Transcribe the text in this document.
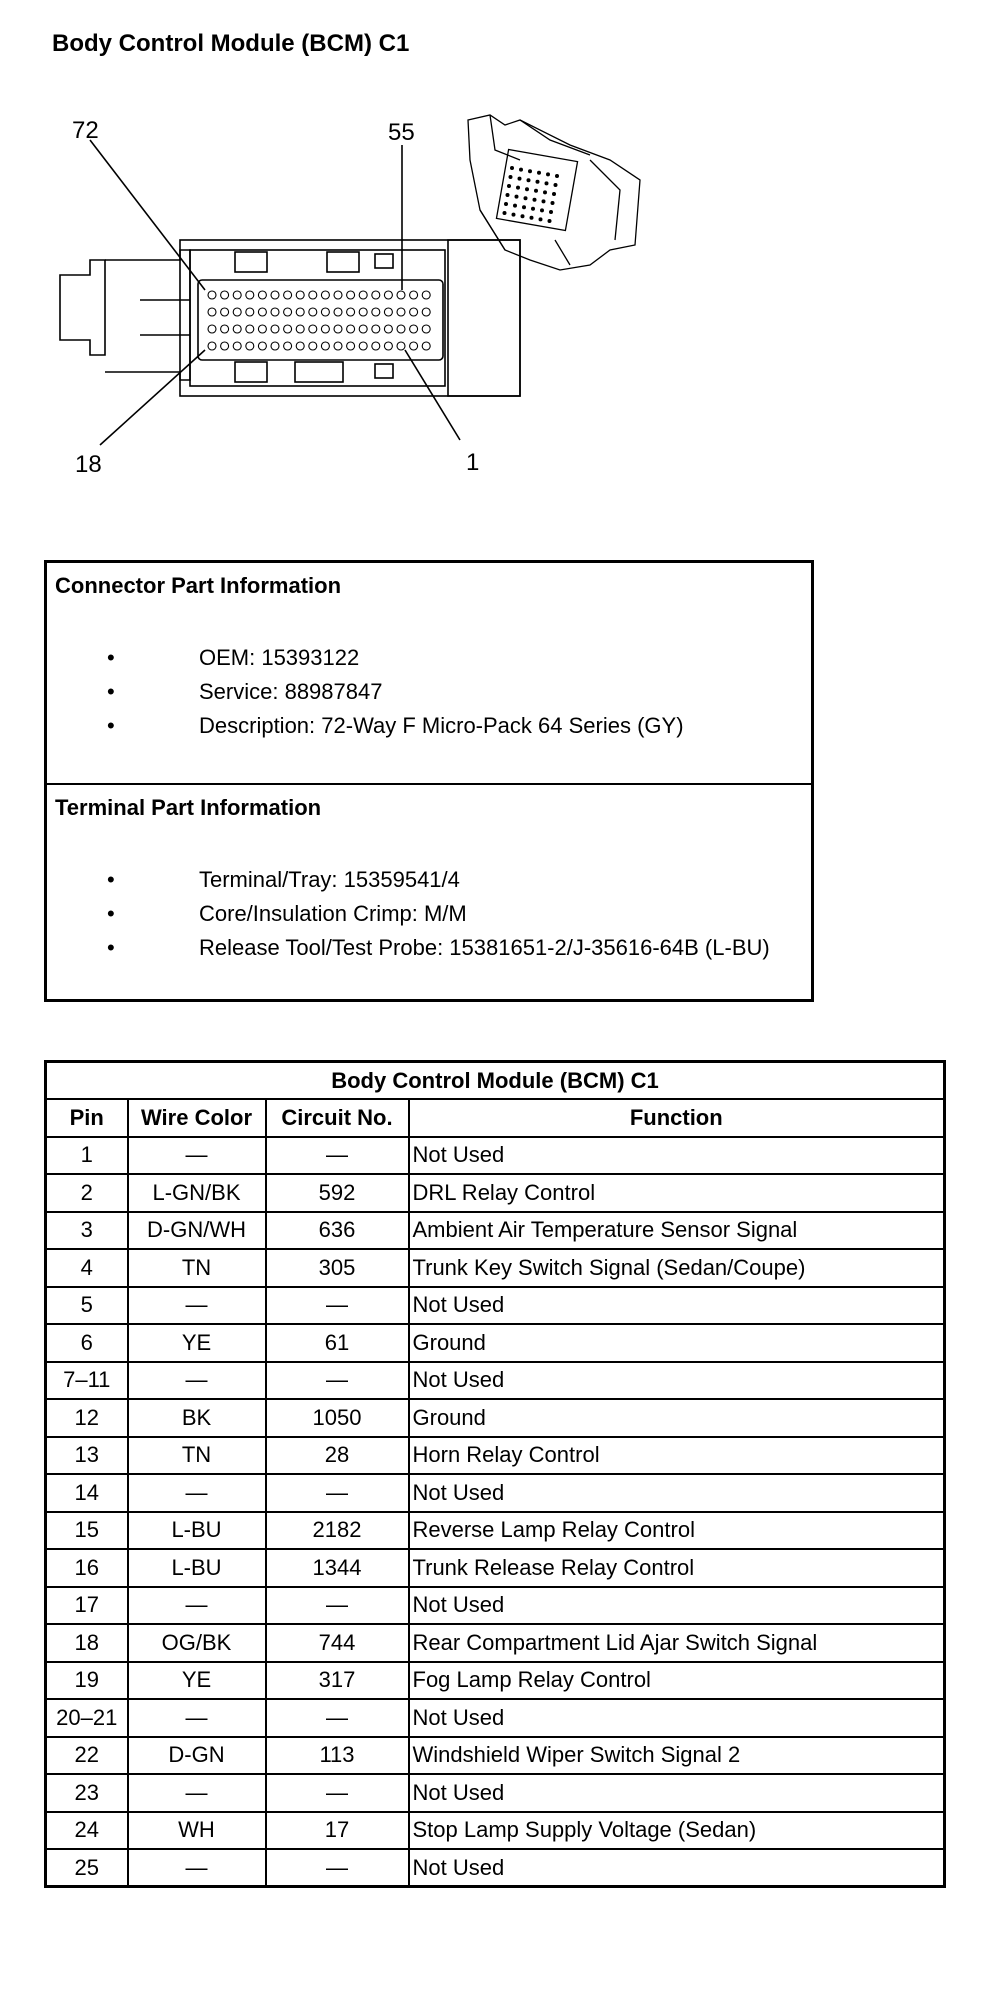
Body Control Module (BCM) C1
72	55
18	1
Connector Part Information
• OEM: 15393122
• Service: 88987847
• Description: 72-Way F Micro-Pack 64 Series (GY)
Terminal Part Information
• Terminal/Tray: 15359541/4
• Core/Insulation Crimp: M/M
• Release Tool/Test Probe: 15381651-2/J-35616-64B (L-BU)
Body Control Module (BCM) C1			
Pin	Wire Color	Circuit No.	Function
1	—	—	Not Used
2	L-GN/BK	592	DRL Relay Control
3	D-GN/WH	636	Ambient Air Temperature Sensor Signal
4	TN	305	Trunk Key Switch Signal (Sedan/Coupe)
5	—	—	Not Used
6	YE	61	Ground
7–11	—	—	Not Used
12	BK	1050	Ground
13	TN	28	Horn Relay Control
14	—	—	Not Used
15	L-BU	2182	Reverse Lamp Relay Control
16	L-BU	1344	Trunk Release Relay Control
17	—	—	Not Used
18	OG/BK	744	Rear Compartment Lid Ajar Switch Signal
19	YE	317	Fog Lamp Relay Control
20–21	—	—	Not Used
22	D-GN	113	Windshield Wiper Switch Signal 2
23	—	—	Not Used
24	WH	17	Stop Lamp Supply Voltage (Sedan)
25	—	—	Not Used
